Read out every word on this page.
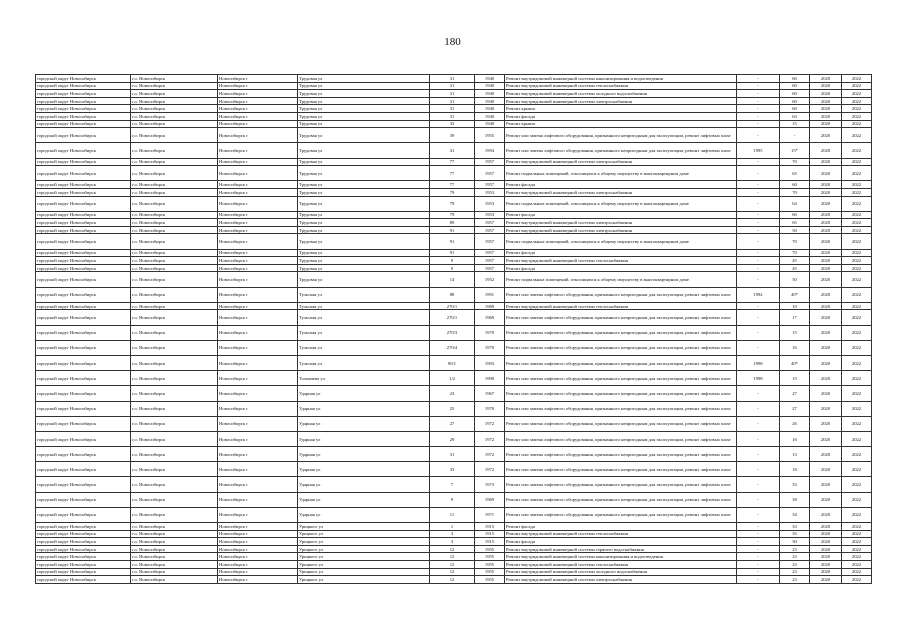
180
городской округ Новосибирск	г.о. Новосибирск	Новосибирск г	Трудовая ул	31	1940	Ремонт внутридомовой инженерной системы канализирования и водоотведения	-	60	2020	2022
городской округ Новосибирск	г.о. Новосибирск	Новосибирск г	Трудовая ул	31	1940	Ремонт внутридомовой инженерной системы теплоснабжения	-	60	2020	2022
городской округ Новосибирск	г.о. Новосибирск	Новосибирск г	Трудовая ул	31	1940	Ремонт внутридомовой инженерной системы холодного водоснабжения	-	60	2020	2022
городской округ Новосибирск	г.о. Новосибирск	Новосибирск г	Трудовая ул	31	1940	Ремонт внутридомовой инженерной системы электроснабжения	-	60	2020	2022
городской округ Новосибирск	г.о. Новосибирск	Новосибирск г	Трудовая ул	31	1940	Ремонт крыши	-	60	2020	2022
городской округ Новосибирск	г.о. Новосибирск	Новосибирск г	Трудовая ул	31	1940	Ремонт фасада	-	63	2020	2022
городской округ Новосибирск	г.о. Новосибирск	Новосибирск г	Трудовая ул	33	1940	Ремонт крыши	-	15	2020	2022
городской округ Новосибирск	г.о. Новосибирск	Новосибирск г	Трудовая ул	39	1955	Ремонт или замена лифтового оборудования, признанного непригодным для эксплуатации, ремонт лифтовых шахт	-	-	2020	2022
городской округ Новосибирск	г.о. Новосибирск	Новосибирск г	Трудовая ул	41	1994	Ремонт или замена лифтового оборудования, признанного непригодным для эксплуатации, ремонт лифтовых шахт	1995	15*	2020	2022
городской округ Новосибирск	г.о. Новосибирск	Новосибирск г	Трудовая ул	77	1957	Ремонт внутридомовой инженерной системы электроснабжения	-	70	2020	2022
городской округ Новосибирск	г.о. Новосибирск	Новосибирск г	Трудовая ул	77	1957	Ремонт подвальных помещений, относящихся к общему имуществу в многоквартирном доме	-	65	2020	2022
городской округ Новосибирск	г.о. Новосибирск	Новосибирск г	Трудовая ул	77	1957	Ремонт фасада	-	60	2020	2022
городской округ Новосибирск	г.о. Новосибирск	Новосибирск г	Трудовая ул	79	1953	Ремонт внутридомовой инженерной системы электроснабжения	-	70	2020	2022
городской округ Новосибирск	г.о. Новосибирск	Новосибирск г	Трудовая ул	79	1953	Ремонт подвальных помещений, относящихся к общему имуществу в многоквартирном доме	-	64	2020	2022
городской округ Новосибирск	г.о. Новосибирск	Новосибирск г	Трудовая ул	79	1953	Ремонт фасада	-	60	2020	2022
городской округ Новосибирск	г.о. Новосибирск	Новосибирск г	Трудовая ул	89	1957	Ремонт внутридомовой инженерной системы электроснабжения	-	65	2020	2022
городской округ Новосибирск	г.о. Новосибирск	Новосибирск г	Трудовая ул	91	1957	Ремонт внутридомовой инженерной системы электроснабжения	-	50	2020	2022
городской округ Новосибирск	г.о. Новосибирск	Новосибирск г	Трудовая ул	91	1957	Ремонт подвальных помещений, относящихся к общему имуществу в многоквартирном доме	-	70	2020	2022
городской округ Новосибирск	г.о. Новосибирск	Новосибирск г	Трудовая ул	91	1957	Ремонт фасада	-	70	2020	2022
городской округ Новосибирск	г.о. Новосибирск	Новосибирск г	Трудовая ул	9	1957	Ремонт внутридомовой инженерной системы теплоснабжения	-	45	2020	2022
городской округ Новосибирск	г.о. Новосибирск	Новосибирск г	Трудовая ул	9	1957	Ремонт фасада	-	45	2020	2022
городской округ Новосибирск	г.о. Новосибирск	Новосибирск г	Трудовая ул	14	1952	Ремонт подвальных помещений, относящихся к общему имуществу в многоквартирном доме	-	50	2020	2022
городской округ Новосибирск	г.о. Новосибирск	Новосибирск г	Тульская ул	88	1991	Ремонт или замена лифтового оборудования, признанного непригодным для эксплуатации, ремонт лифтовых шахт	1992	40*	2020	2022
городской округ Новосибирск	г.о. Новосибирск	Новосибирск г	Тульская ул	270/1	1969	Ремонт внутридомовой инженерной системы теплоснабжения	-	10	2020	2022
городской округ Новосибирск	г.о. Новосибирск	Новосибирск г	Тульская ул	270/1	1969	Ремонт или замена лифтового оборудования, признанного непригодным для эксплуатации, ремонт лифтовых шахт	-	17	2020	2022
городской округ Новосибирск	г.о. Новосибирск	Новосибирск г	Тульская ул	270/3	1970	Ремонт или замена лифтового оборудования, признанного непригодным для эксплуатации, ремонт лифтовых шахт	-	15	2020	2022
городской округ Новосибирск	г.о. Новосибирск	Новосибирск г	Тульская ул	270/4	1970	Ремонт или замена лифтового оборудования, признанного непригодным для эксплуатации, ремонт лифтовых шахт	-	16	2020	2022
городской округ Новосибирск	г.о. Новосибирск	Новосибирск г	Тульская ул	90/1	1993	Ремонт или замена лифтового оборудования, признанного непригодным для эксплуатации, ремонт лифтовых шахт	1998	40*	2020	2022
городской округ Новосибирск	г.о. Новосибирск	Новосибирск г	Толмачева ул	1/2	1990	Ремонт или замена лифтового оборудования, признанного непригодным для эксплуатации, ремонт лифтовых шахт	1998	15	2020	2022
городской округ Новосибирск	г.о. Новосибирск	Новосибирск г	Ударная ул	23	1967	Ремонт или замена лифтового оборудования, признанного непригодным для эксплуатации, ремонт лифтовых шахт	-	27	2020	2022
городской округ Новосибирск	г.о. Новосибирск	Новосибирск г	Ударная ул	25	1970	Ремонт или замена лифтового оборудования, признанного непригодным для эксплуатации, ремонт лифтовых шахт	-	27	2020	2022
городской округ Новосибирск	г.о. Новосибирск	Новосибирск г	Ударная ул	27	1972	Ремонт или замена лифтового оборудования, признанного непригодным для эксплуатации, ремонт лифтовых шахт	-	26	2020	2022
городской округ Новосибирск	г.о. Новосибирск	Новосибирск г	Ударная ул	29	1972	Ремонт или замена лифтового оборудования, признанного непригодным для эксплуатации, ремонт лифтовых шахт	-	16	2020	2022
городской округ Новосибирск	г.о. Новосибирск	Новосибирск г	Ударная ул	31	1972	Ремонт или замена лифтового оборудования, признанного непригодным для эксплуатации, ремонт лифтовых шахт	-	13	2020	2022
городской округ Новосибирск	г.о. Новосибирск	Новосибирск г	Ударная ул	33	1972	Ремонт или замена лифтового оборудования, признанного непригодным для эксплуатации, ремонт лифтовых шахт	-	18	2020	2022
городской округ Новосибирск	г.о. Новосибирск	Новосибирск г	Ударная ул	7	1973	Ремонт или замена лифтового оборудования, признанного непригодным для эксплуатации, ремонт лифтовых шахт	-	33	2020	2022
городской округ Новосибирск	г.о. Новосибирск	Новосибирск г	Ударная ул	9	1969	Ремонт или замена лифтового оборудования, признанного непригодным для эксплуатации, ремонт лифтовых шахт	-	38	2020	2022
городской округ Новосибирск	г.о. Новосибирск	Новосибирск г	Ударная ул	11	1971	Ремонт или замена лифтового оборудования, признанного непригодным для эксплуатации, ремонт лифтовых шахт	-	34	2020	2022
городской округ Новосибирск	г.о. Новосибирск	Новосибирск г	Урицкого ул	1	1915	Ремонт фасада	-	33	2020	2022
городской округ Новосибирск	г.о. Новосибирск	Новосибирск г	Урицкого ул	3	1915	Ремонт внутридомовой инженерной системы теплоснабжения	-	35	2020	2022
городской округ Новосибирск	г.о. Новосибирск	Новосибирск г	Урицкого ул	3	1915	Ремонт фасада	-	30	2020	2022
городской округ Новосибирск	г.о. Новосибирск	Новосибирск г	Урицкого ул	12	1955	Ремонт внутридомовой инженерной системы горячего водоснабжения	-	23	2020	2022
городской округ Новосибирск	г.о. Новосибирск	Новосибирск г	Урицкого ул	12	1955	Ремонт внутридомовой инженерной системы канализирования и водоотведения	-	23	2020	2022
городской округ Новосибирск	г.о. Новосибирск	Новосибирск г	Урицкого ул	12	1955	Ремонт внутридомовой инженерной системы теплоснабжения	-	23	2020	2022
городской округ Новосибирск	г.о. Новосибирск	Новосибирск г	Урицкого ул	12	1955	Ремонт внутридомовой инженерной системы холодного водоснабжения	-	23	2020	2022
городской округ Новосибирск	г.о. Новосибирск	Новосибирск г	Урицкого ул	12	1955	Ремонт внутридомовой инженерной системы электроснабжения	-	23	2020	2022
